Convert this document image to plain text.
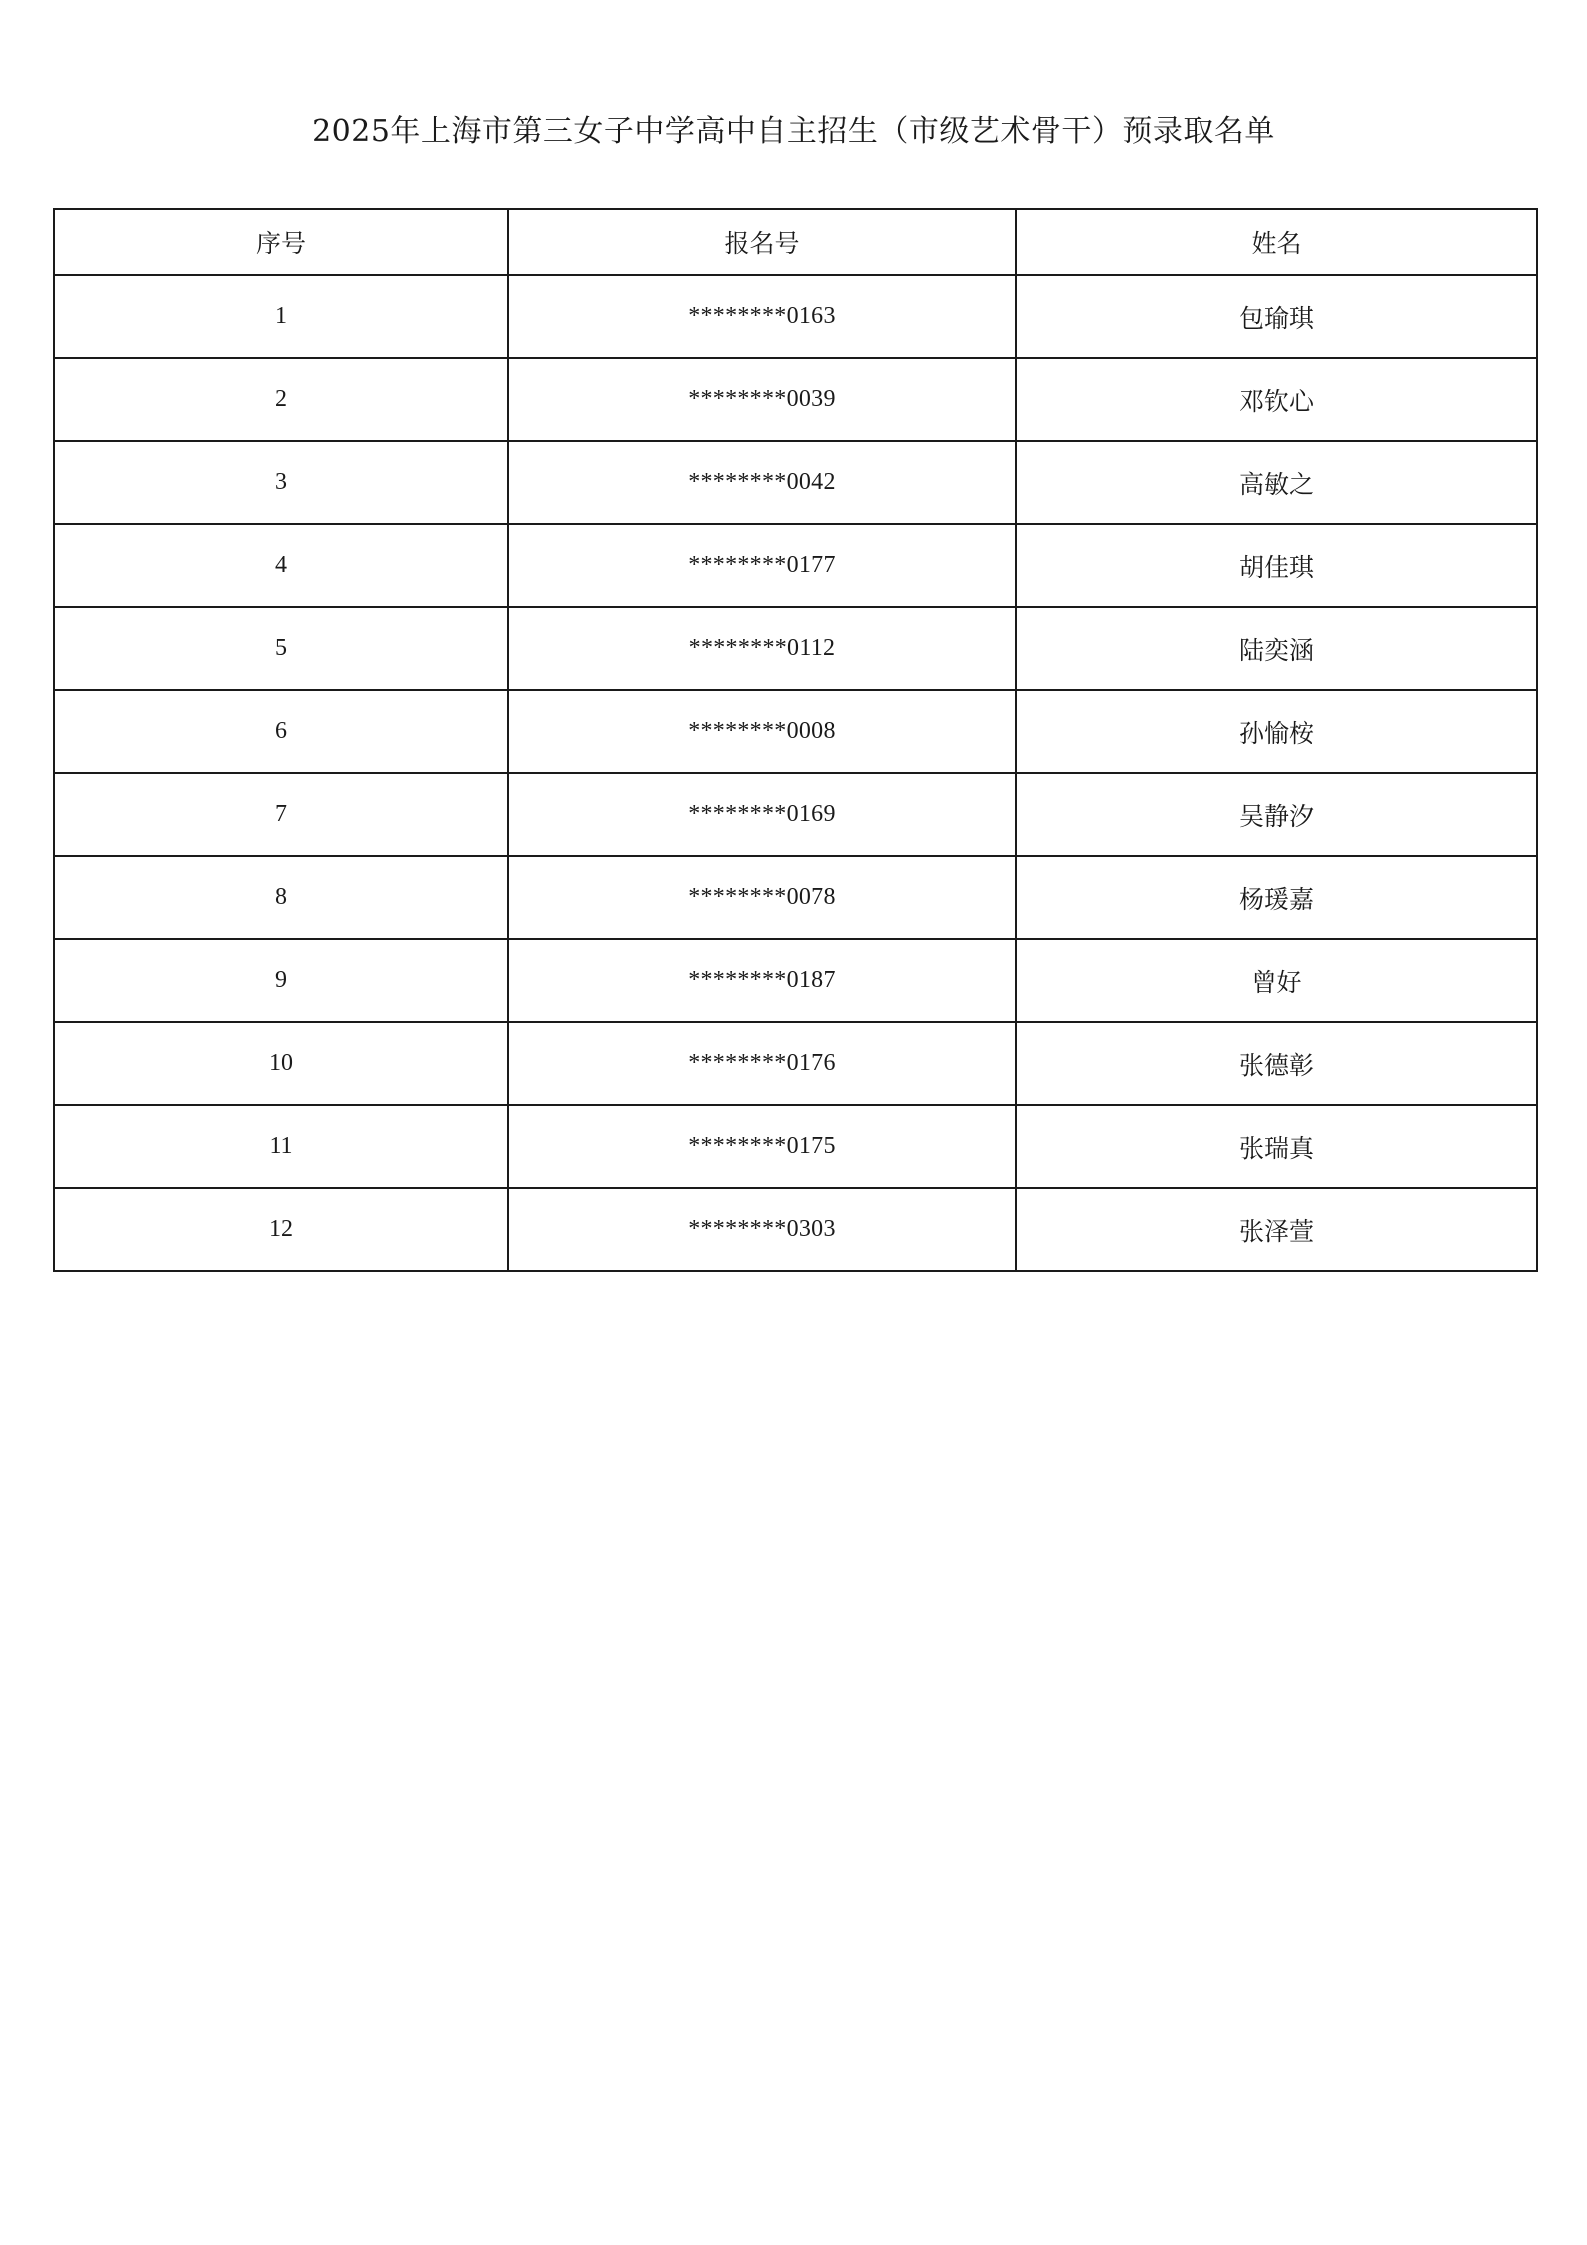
2025年上海市第三女子中学高中自主招生（市级艺术骨干）预录取名单
序号	报名号	姓名
1	********0163	包瑜琪
2	********0039	邓钦心
3	********0042	高敏之
4	********0177	胡佳琪
5	********0112	陆奕涵
6	********0008	孙愉桉
7	********0169	吴静汐
8	********0078	杨瑗嘉
9	********0187	曾好
10	********0176	张德彰
11	********0175	张瑞真
12	********0303	张泽萱
